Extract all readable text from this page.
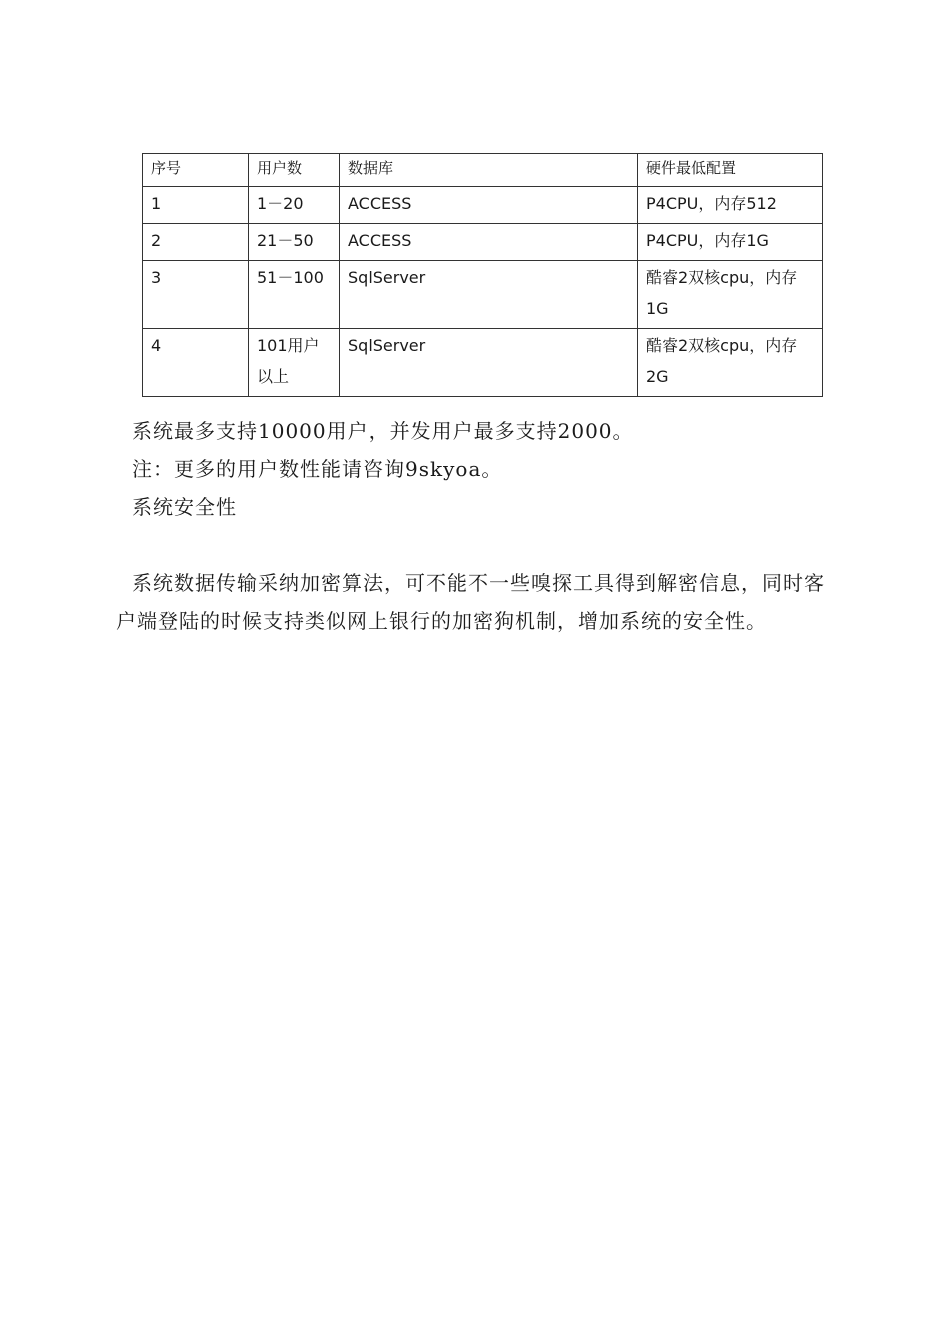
序号	用户数	数据库	硬件最低配置
1	1－20	ACCESS	P4CPU，内存512
2	21－50	ACCESS	P4CPU，内存1G
3	51－100	SqlServer	酷睿2双核cpu，内存1G
4	101用户以上	SqlServer	酷睿2双核cpu，内存2G

系统最多支持10000用户，并发用户最多支持2000。

注：更多的用户数性能请咨询9skyoa。

系统安全性

系统数据传输采纳加密算法，可不能不一些嗅探工具得到解密信息，同时客户端登陆的时候支持类似网上银行的加密狗机制，增加系统的安全性。
